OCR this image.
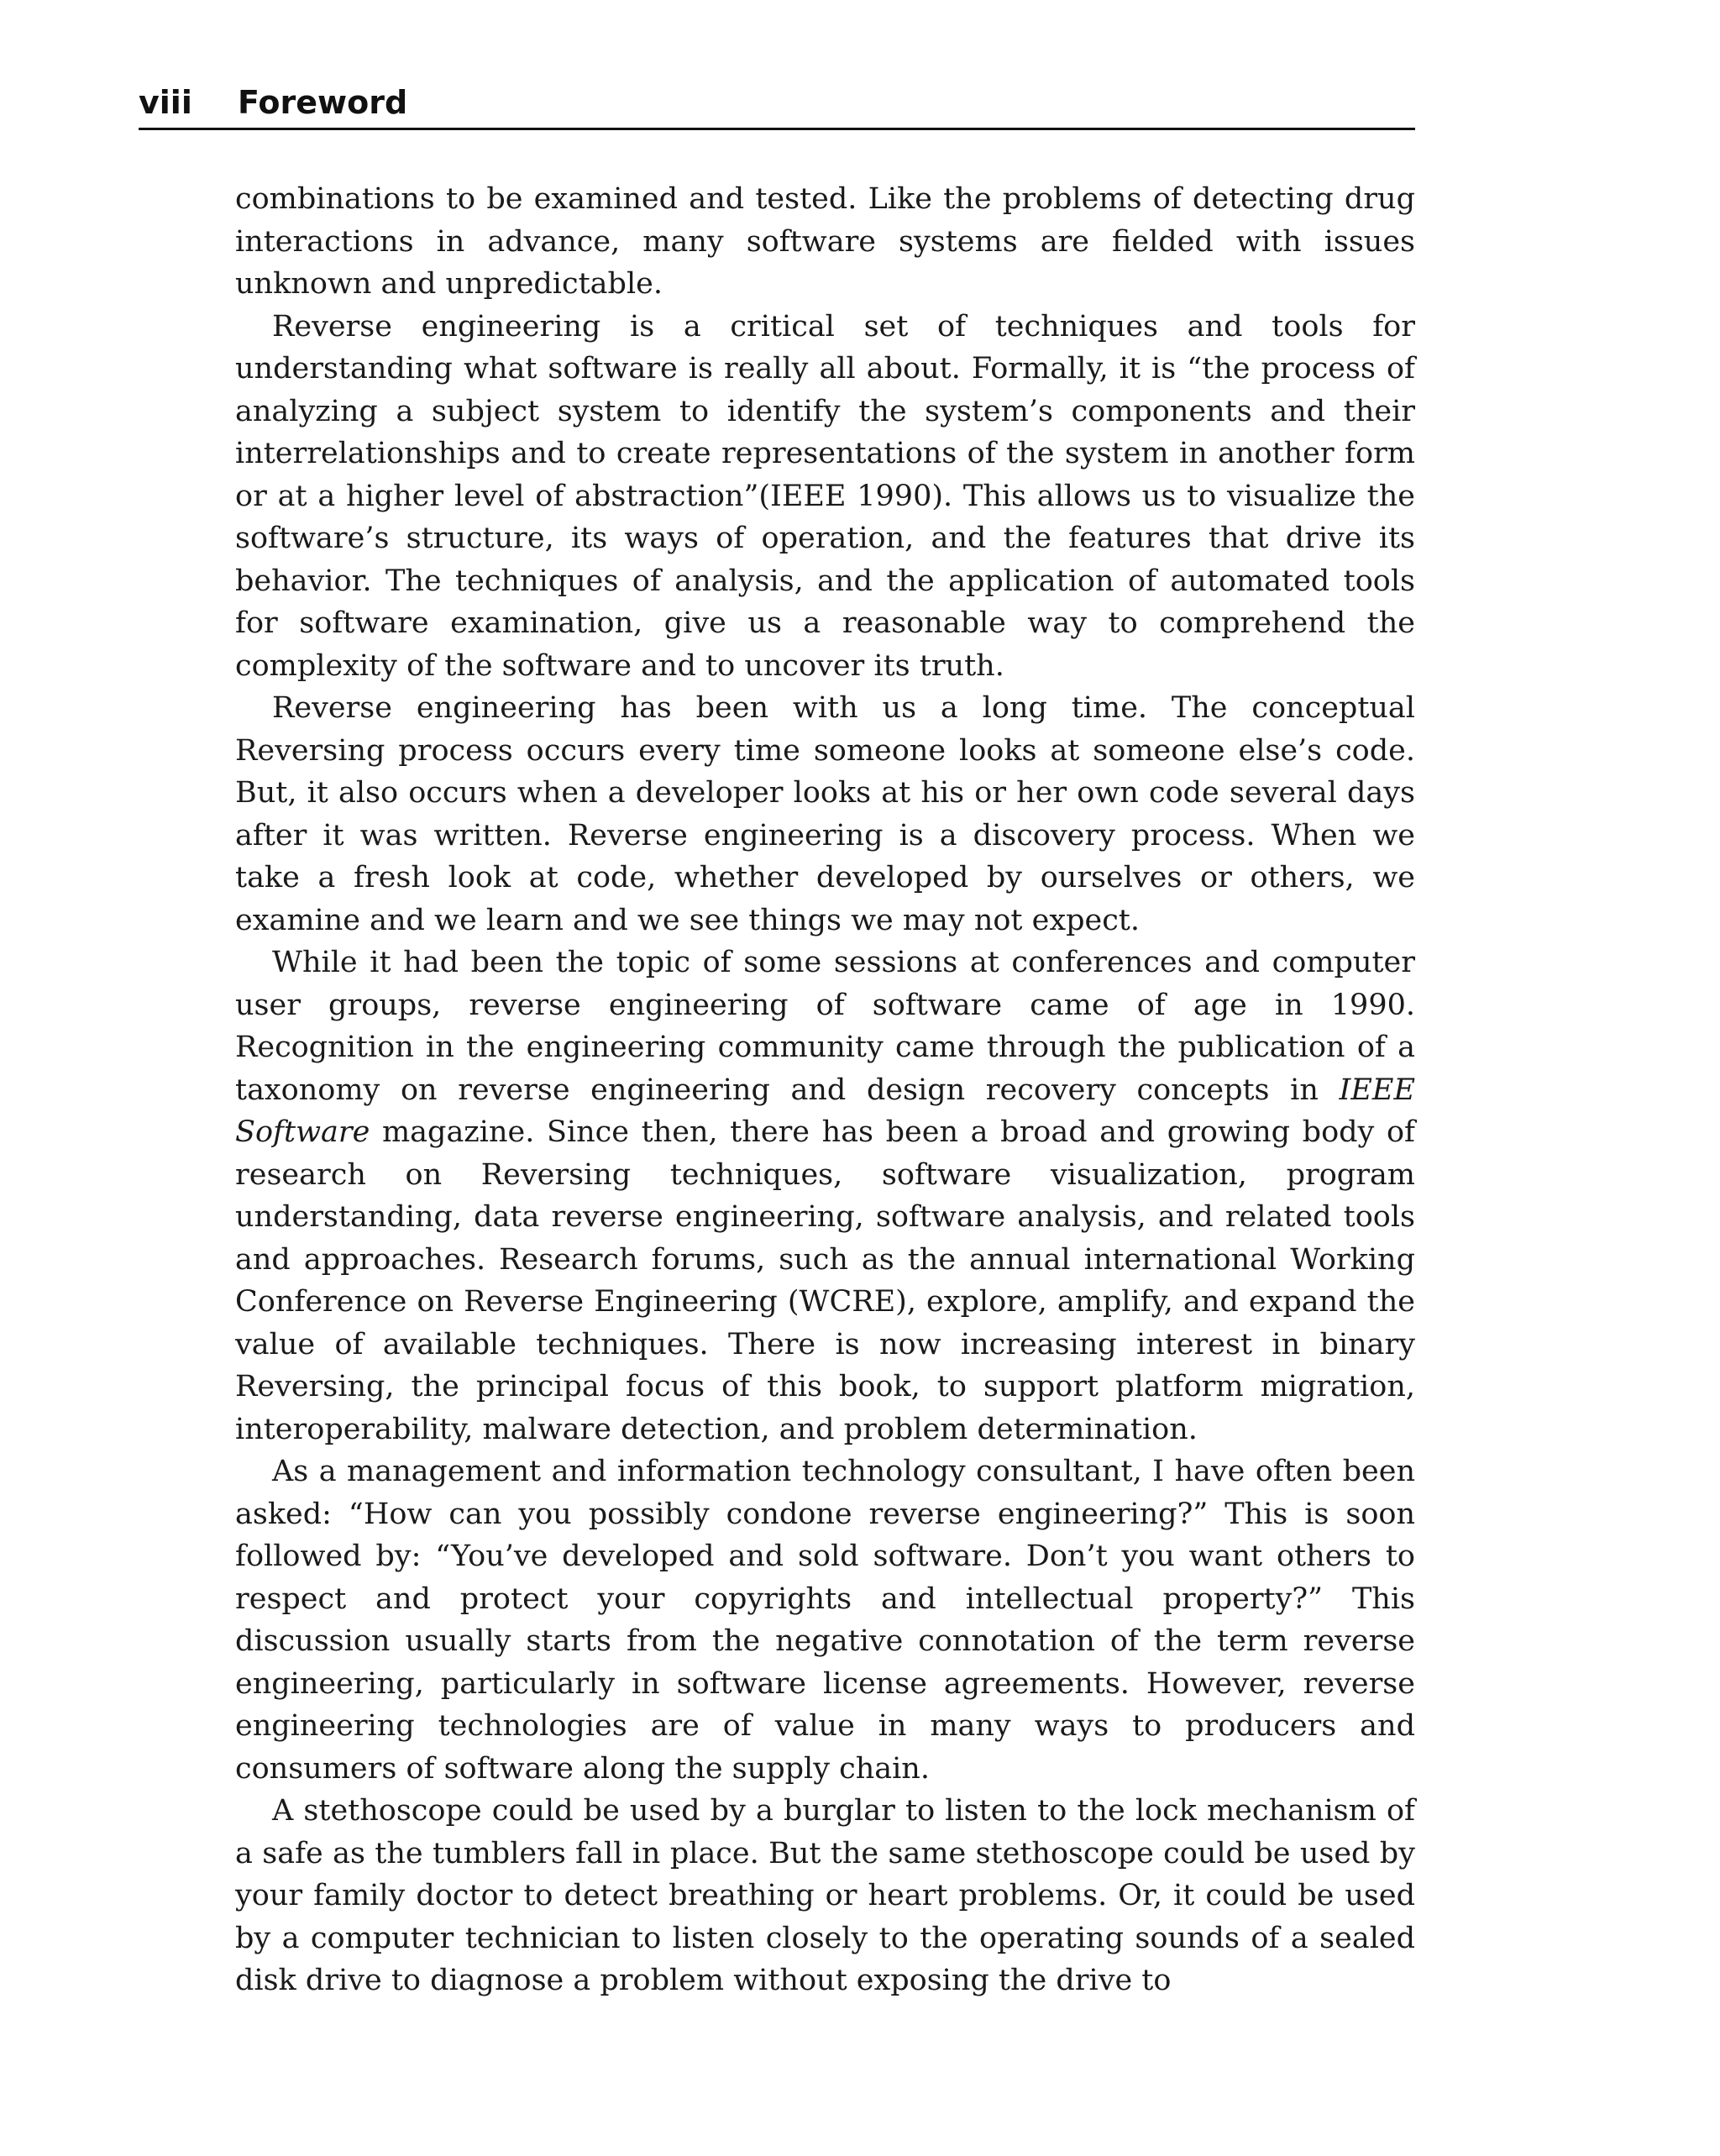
viii Foreword

combinations to be examined and tested. Like the problems of detecting drug interactions in advance, many software systems are fielded with issues unknown and unpredictable.

Reverse engineering is a critical set of techniques and tools for understanding what software is really all about. Formally, it is “the process of analyzing a subject system to identify the system’s components and their interrelationships and to create representations of the system in another form or at a higher level of abstraction”(IEEE 1990). This allows us to visualize the software’s structure, its ways of operation, and the features that drive its behavior. The techniques of analysis, and the application of automated tools for software examination, give us a reasonable way to comprehend the complexity of the software and to uncover its truth.

Reverse engineering has been with us a long time. The conceptual Reversing process occurs every time someone looks at someone else’s code. But, it also occurs when a developer looks at his or her own code several days after it was written. Reverse engineering is a discovery process. When we take a fresh look at code, whether developed by ourselves or others, we examine and we learn and we see things we may not expect.

While it had been the topic of some sessions at conferences and computer user groups, reverse engineering of software came of age in 1990. Recognition in the engineering community came through the publication of a taxonomy on reverse engineering and design recovery concepts in IEEE Software magazine. Since then, there has been a broad and growing body of research on Reversing techniques, software visualization, program understanding, data reverse engineering, software analysis, and related tools and approaches. Research forums, such as the annual international Working Conference on Reverse Engineering (WCRE), explore, amplify, and expand the value of available techniques. There is now increasing interest in binary Reversing, the principal focus of this book, to support platform migration, interoperability, malware detection, and problem determination.

As a management and information technology consultant, I have often been asked: “How can you possibly condone reverse engineering?” This is soon followed by: “You’ve developed and sold software. Don’t you want others to respect and protect your copyrights and intellectual property?” This discussion usually starts from the negative connotation of the term reverse engineering, particularly in software license agreements. However, reverse engineering technologies are of value in many ways to producers and consumers of software along the supply chain.

A stethoscope could be used by a burglar to listen to the lock mechanism of a safe as the tumblers fall in place. But the same stethoscope could be used by your family doctor to detect breathing or heart problems. Or, it could be used by a computer technician to listen closely to the operating sounds of a sealed disk drive to diagnose a problem without exposing the drive to
